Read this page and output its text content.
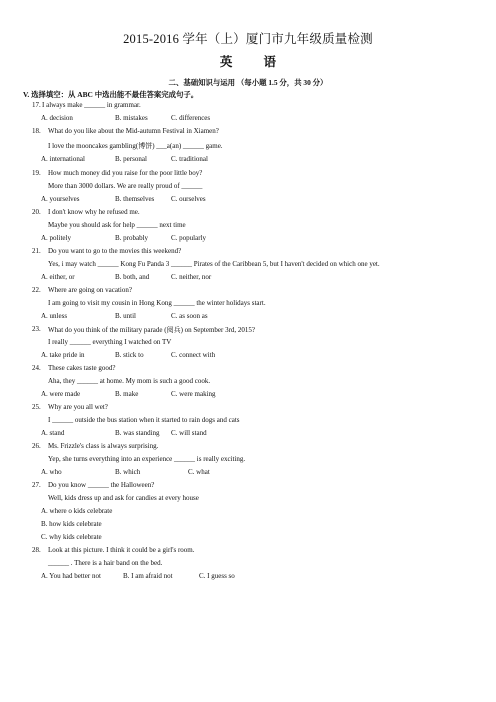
2015-2016 学年（上）厦门市九年级质量检测
英 语
二、基础知识与运用 （每小题 1.5 分，共 30 分）
V. 选择填空：从 ABC 中选出能不最佳答案完成句子。
17. I always make ______ in grammar.
A. decision	B. mistakes	C. differences
18. What do you like about the Mid-autumn Festival in Xiamen?
I love the mooncakes gambling(博饼) ___a(an) ______ game.
A. international	B. personal	C. traditional
19. How much money did you raise for the poor little boy?
More than 3000 dollars. We are really proud of ______
A. yourselves	B. themselves C. ourselves
20. I don't know why he refused me.
Maybe you should ask for help ______ next time
A. politely	B. probably	C. popularly
21. Do you want to go to the movies this weekend?
Yes, i may watch ______ Kong Fu Panda 3 ______ Pirates of the Caribbean 5, but I haven't decided on which one yet.
A. either, or	B. both, and	C. neither, nor
22. Where are going on vacation?
I am going to visit my cousin in Hong Kong ______ the winter holidays start.
A. unless	B. until	C. as soon as
23. What do you think of the military parade (阅兵) on September 3rd, 2015?
I really ______ everything I watched on TV
A. take pride in	B. stick to	C. connect with
24. These cakes taste good?
Aha, they ______ at home. My mom is such a good cook.
A. were made	B. make	C. were making
25. Why are you all wet?
I ______ outside the bus station when it started to rain dogs and cats
A. stand	B. was standing C. will stand
26. Ms. Frizzle's class is always surprising.
Yep, she turns everything into an experience ______ is really exciting.
A. who	B. which	C. what
27. Do you know ______ the Halloween?
Well, kids dress up and ask for candies at every house
A. where o kids celebrate
B. how kids celebrate
C. why kids celebrate
28. Look at this picture. I think it could be a girl's room.
______ . There is a hair band on the bed.
A. You had better not	B. I am afraid not	C. I guess so
